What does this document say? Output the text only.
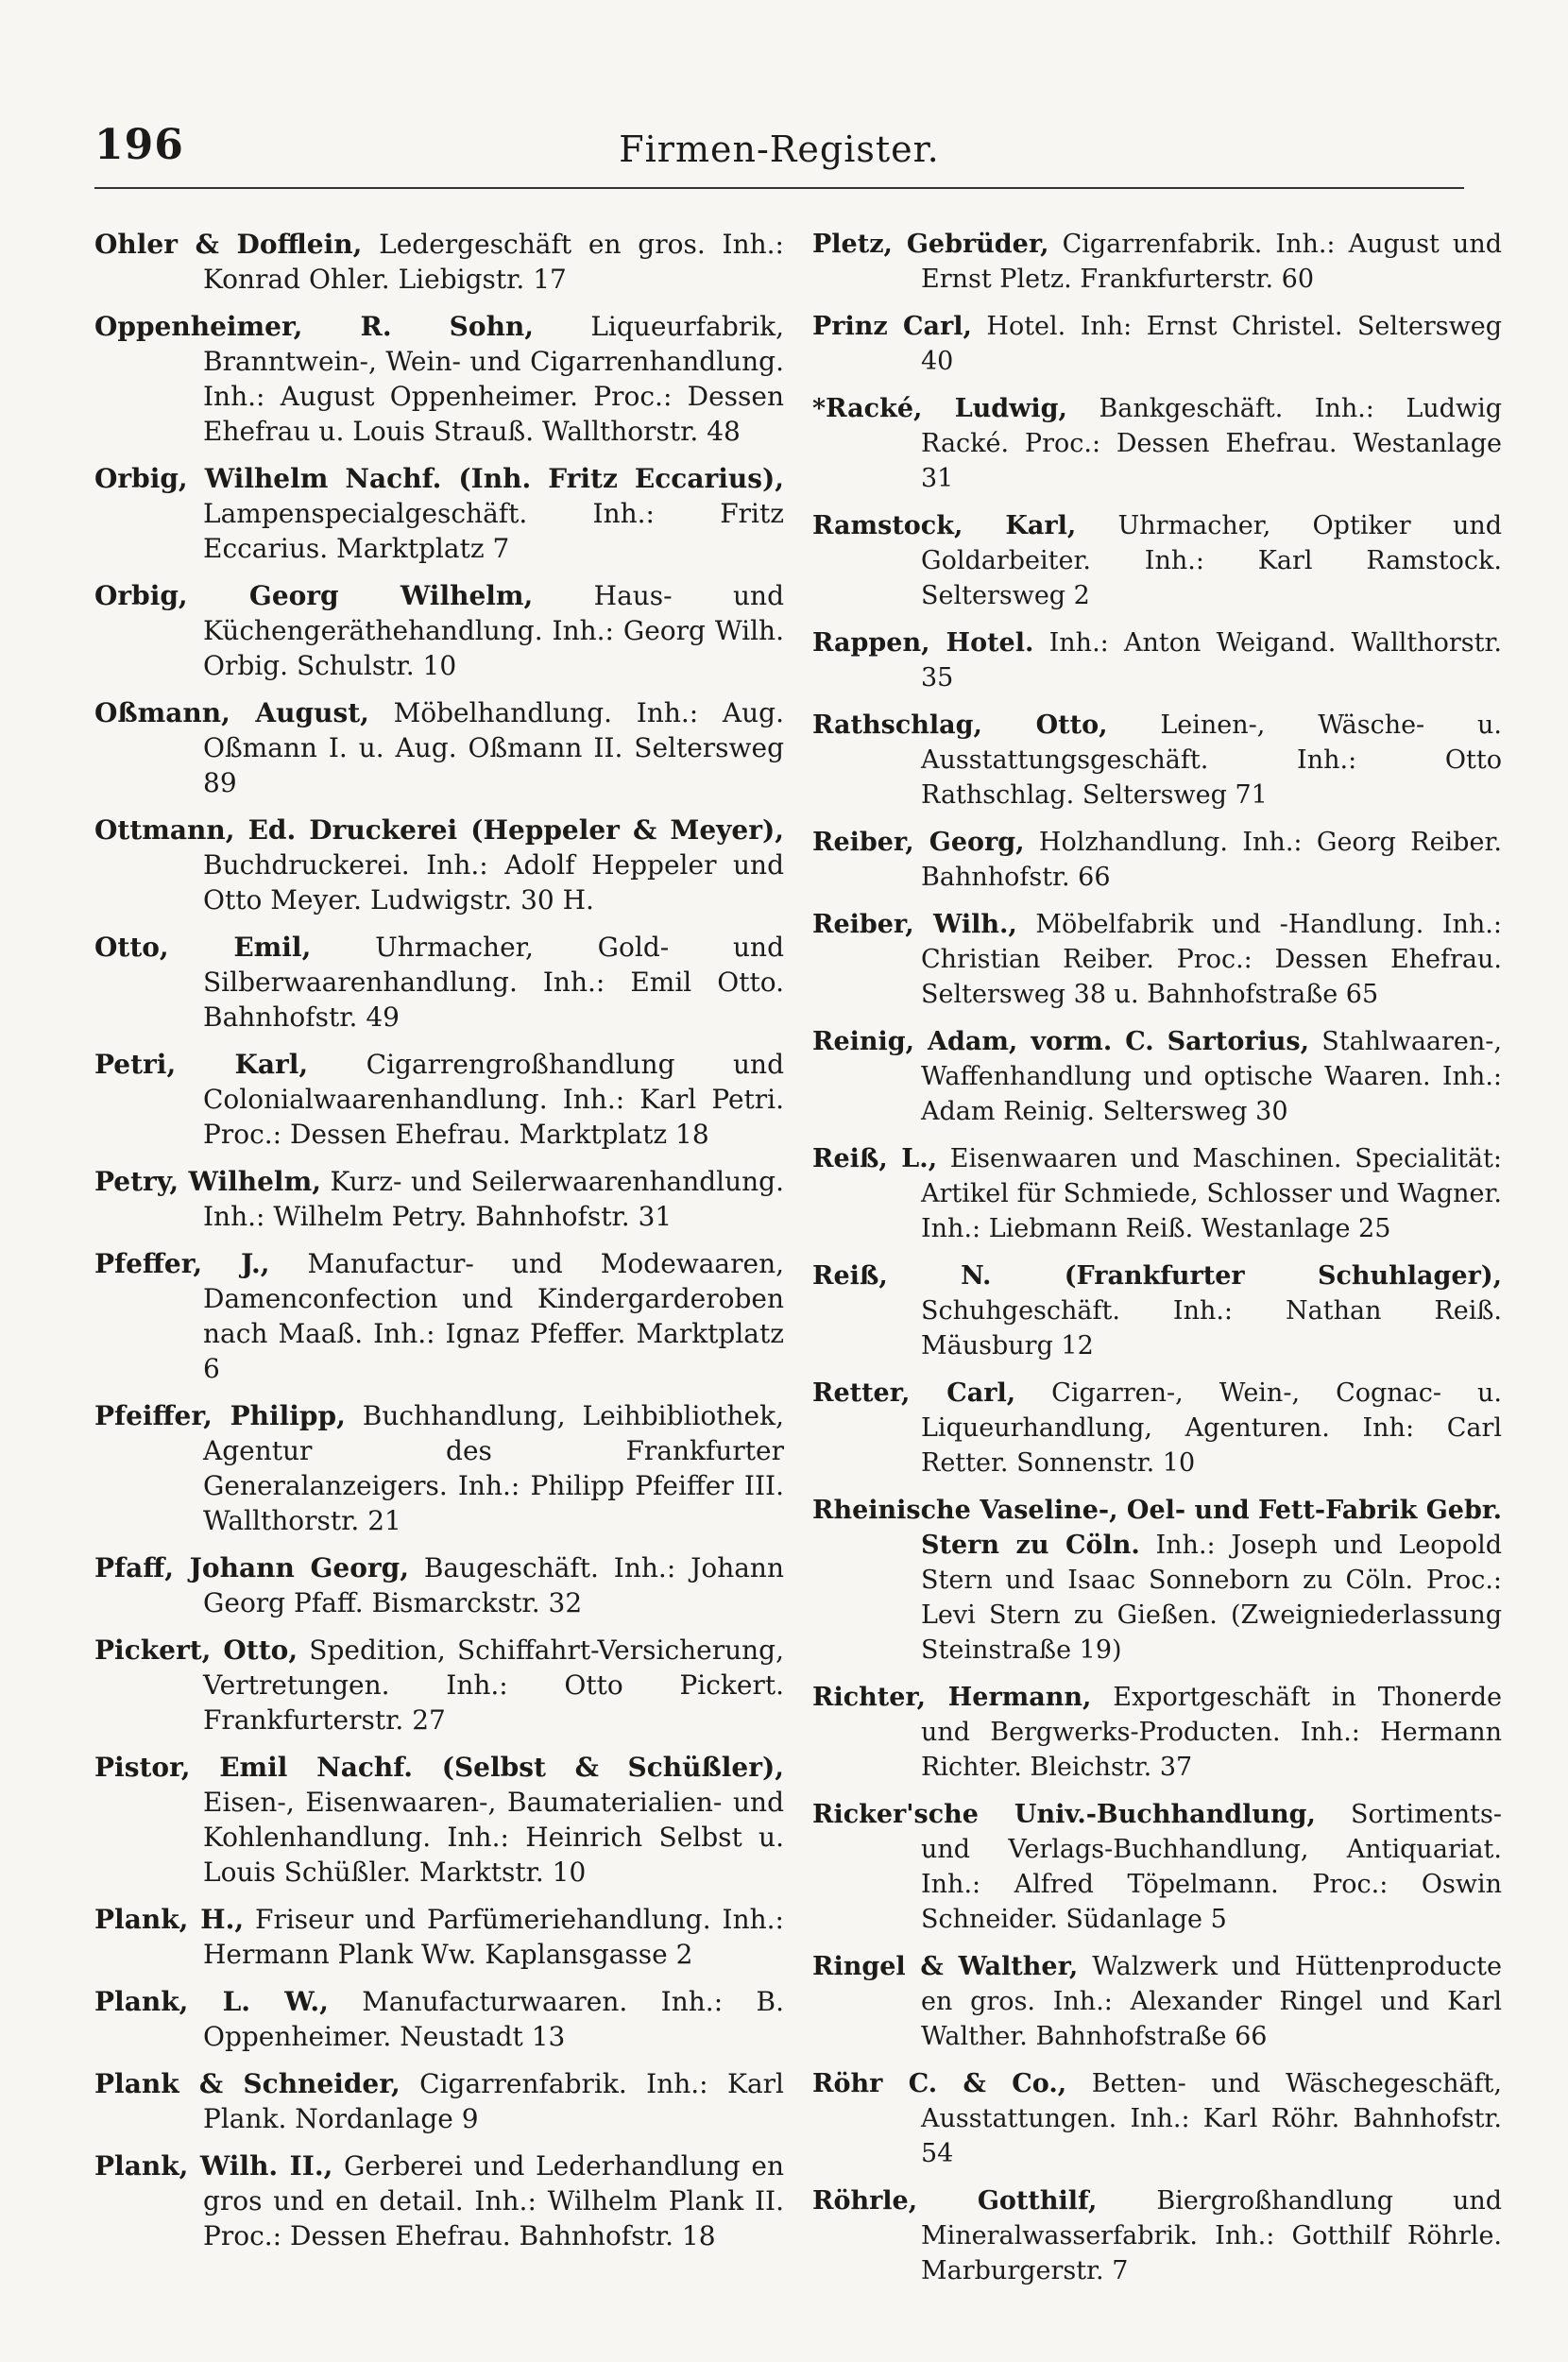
196	Firmen-Register.

Ohler & Dofflein, Ledergeschäft en gros. Inh.: Konrad Ohler. Liebigstr. 17

Oppenheimer, R. Sohn, Liqueurfabrik, Branntwein-, Wein- und Cigarrenhandlung. Inh.: August Oppenheimer. Proc.: Dessen Ehefrau u. Louis Strauß. Wallthorstr. 48

Orbig, Wilhelm Nachf. (Inh. Fritz Eccarius), Lampenspecialgeschäft. Inh.: Fritz Eccarius. Marktplatz 7

Orbig, Georg Wilhelm, Haus- und Küchengeräthehandlung. Inh.: Georg Wilh. Orbig. Schulstr. 10

Oßmann, August, Möbelhandlung. Inh.: Aug. Oßmann I. u. Aug. Oßmann II. Seltersweg 89

Ottmann, Ed. Druckerei (Heppeler & Meyer), Buchdruckerei. Inh.: Adolf Heppeler und Otto Meyer. Ludwigstr. 30 H.

Otto, Emil, Uhrmacher, Gold- und Silberwaarenhandlung. Inh.: Emil Otto. Bahnhofstr. 49

Petri, Karl, Cigarrengroßhandlung und Colonialwaarenhandlung. Inh.: Karl Petri. Proc.: Dessen Ehefrau. Marktplatz 18

Petry, Wilhelm, Kurz- und Seilerwaarenhandlung. Inh.: Wilhelm Petry. Bahnhofstr. 31

Pfeffer, J., Manufactur- und Modewaaren, Damenconfection und Kindergarderoben nach Maaß. Inh.: Ignaz Pfeffer. Marktplatz 6

Pfeiffer, Philipp, Buchhandlung, Leihbibliothek, Agentur des Frankfurter Generalanzeigers. Inh.: Philipp Pfeiffer III. Wallthorstr. 21

Pfaff, Johann Georg, Baugeschäft. Inh.: Johann Georg Pfaff. Bismarckstr. 32

Pickert, Otto, Spedition, Schiffahrt-Versicherung, Vertretungen. Inh.: Otto Pickert. Frankfurterstr. 27

Pistor, Emil Nachf. (Selbst & Schüßler), Eisen-, Eisenwaaren-, Baumaterialien- und Kohlenhandlung. Inh.: Heinrich Selbst u. Louis Schüßler. Marktstr. 10

Plank, H., Friseur und Parfümeriehandlung. Inh.: Hermann Plank Ww. Kaplansgasse 2

Plank, L. W., Manufacturwaaren. Inh.: B. Oppenheimer. Neustadt 13

Plank & Schneider, Cigarrenfabrik. Inh.: Karl Plank. Nordanlage 9

Plank, Wilh. II., Gerberei und Lederhandlung en gros und en detail. Inh.: Wilhelm Plank II. Proc.: Dessen Ehefrau. Bahnhofstr. 18

Pletz, Gebrüder, Cigarrenfabrik. Inh.: August und Ernst Pletz. Frankfurterstr. 60

Prinz Carl, Hotel. Inh: Ernst Christel. Seltersweg 40

*Racké, Ludwig, Bankgeschäft. Inh.: Ludwig Racké. Proc.: Dessen Ehefrau. Westanlage 31

Ramstock, Karl, Uhrmacher, Optiker und Goldarbeiter. Inh.: Karl Ramstock. Seltersweg 2

Rappen, Hotel. Inh.: Anton Weigand. Wallthorstr. 35

Rathschlag, Otto, Leinen-, Wäsche- u. Ausstattungsgeschäft. Inh.: Otto Rathschlag. Seltersweg 71

Reiber, Georg, Holzhandlung. Inh.: Georg Reiber. Bahnhofstr. 66

Reiber, Wilh., Möbelfabrik und -Handlung. Inh.: Christian Reiber. Proc.: Dessen Ehefrau. Seltersweg 38 u. Bahnhofstraße 65

Reinig, Adam, vorm. C. Sartorius, Stahlwaaren-, Waffenhandlung und optische Waaren. Inh.: Adam Reinig. Seltersweg 30

Reiß, L., Eisenwaaren und Maschinen. Specialität: Artikel für Schmiede, Schlosser und Wagner. Inh.: Liebmann Reiß. Westanlage 25

Reiß, N. (Frankfurter Schuhlager), Schuhgeschäft. Inh.: Nathan Reiß. Mäusburg 12

Retter, Carl, Cigarren-, Wein-, Cognac- u. Liqueurhandlung, Agenturen. Inh: Carl Retter. Sonnenstr. 10

Rheinische Vaseline-, Oel- und Fett-Fabrik Gebr. Stern zu Cöln. Inh.: Joseph und Leopold Stern und Isaac Sonneborn zu Cöln. Proc.: Levi Stern zu Gießen. (Zweigniederlassung Steinstraße 19)

Richter, Hermann, Exportgeschäft in Thonerde und Bergwerks-Producten. Inh.: Hermann Richter. Bleichstr. 37

Ricker'sche Univ.-Buchhandlung, Sortiments- und Verlags-Buchhandlung, Antiquariat. Inh.: Alfred Töpelmann. Proc.: Oswin Schneider. Südanlage 5

Ringel & Walther, Walzwerk und Hüttenproducte en gros. Inh.: Alexander Ringel und Karl Walther. Bahnhofstraße 66

Röhr C. & Co., Betten- und Wäschegeschäft, Ausstattungen. Inh.: Karl Röhr. Bahnhofstr. 54

Röhrle, Gotthilf, Biergroßhandlung und Mineralwasserfabrik. Inh.: Gotthilf Röhrle. Marburgerstr. 7
